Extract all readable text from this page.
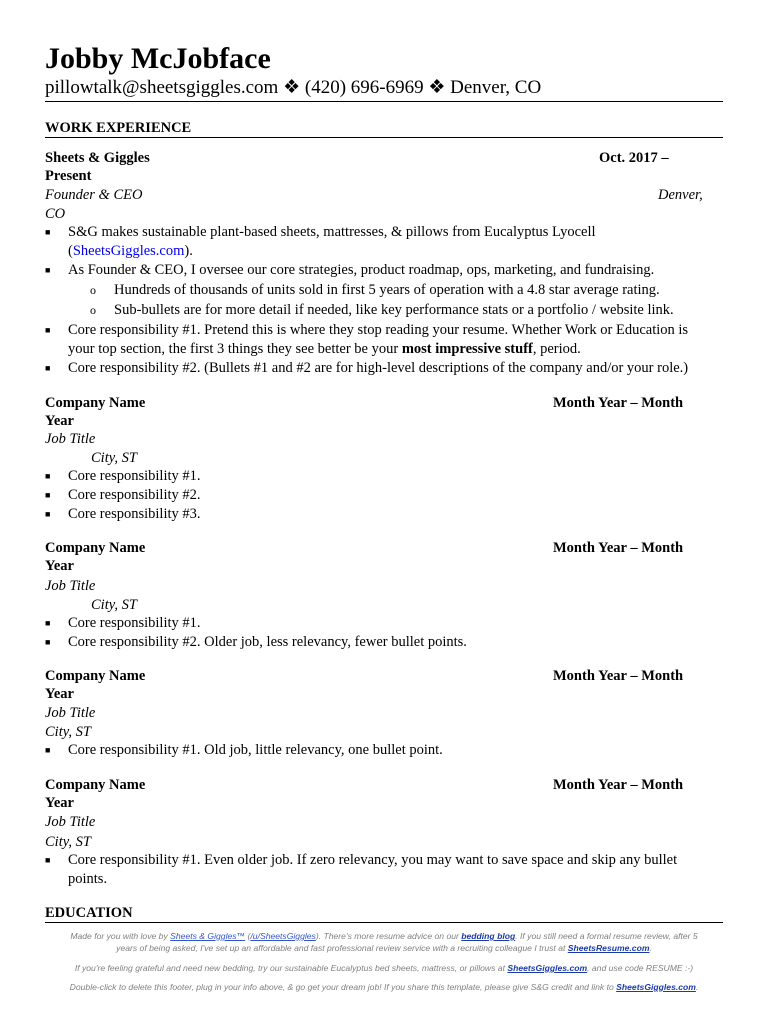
Jobby McJobface
pillowtalk@sheetsgiggles.com ❖ (420) 696-6969 ❖ Denver, CO
WORK EXPERIENCE
Sheets & Giggles	Oct. 2017 –
Present
Founder & CEO	Denver,
CO
■ S&G makes sustainable plant-based sheets, mattresses, & pillows from Eucalyptus Lyocell
(SheetsGiggles.com).
■ As Founder & CEO, I oversee our core strategies, product roadmap, ops, marketing, and fundraising.
o Hundreds of thousands of units sold in first 5 years of operation with a 4.8 star average rating.
o Sub-bullets are for more detail if needed, like key performance stats or a portfolio / website link.
■ Core responsibility #1. Pretend this is where they stop reading your resume. Whether Work or Education is
your top section, the first 3 things they see better be your most impressive stuff, period.
■ Core responsibility #2. (Bullets #1 and #2 are for high-level descriptions of the company and/or your role.)
Company Name	Month Year – Month
Year
Job Title
City, ST
■ Core responsibility #1.
■ Core responsibility #2.
■ Core responsibility #3.
Company Name	Month Year – Month
Year
Job Title
City, ST
■ Core responsibility #1.
■ Core responsibility #2. Older job, less relevancy, fewer bullet points.
Company Name	Month Year – Month
Year
Job Title
City, ST
■ Core responsibility #1. Old job, little relevancy, one bullet point.
Company Name	Month Year – Month
Year
Job Title
City, ST
■ Core responsibility #1. Even older job. If zero relevancy, you may want to save space and skip any bullet
points.
EDUCATION
Made for you with love by Sheets & Giggles™ (/u/SheetsGiggles). There's more resume advice on our bedding blog. If you still need a formal resume review, after 5
years of being asked, I've set up an affordable and fast professional review service with a recruiting colleague I trust at SheetsResume.com.
If you're feeling grateful and need new bedding, try our sustainable Eucalyptus bed sheets, mattress, or pillows at SheetsGiggles.com, and use code RESUME :-)
Double-click to delete this footer, plug in your info above, & go get your dream job! If you share this template, please give S&G credit and link to SheetsGiggles.com.
